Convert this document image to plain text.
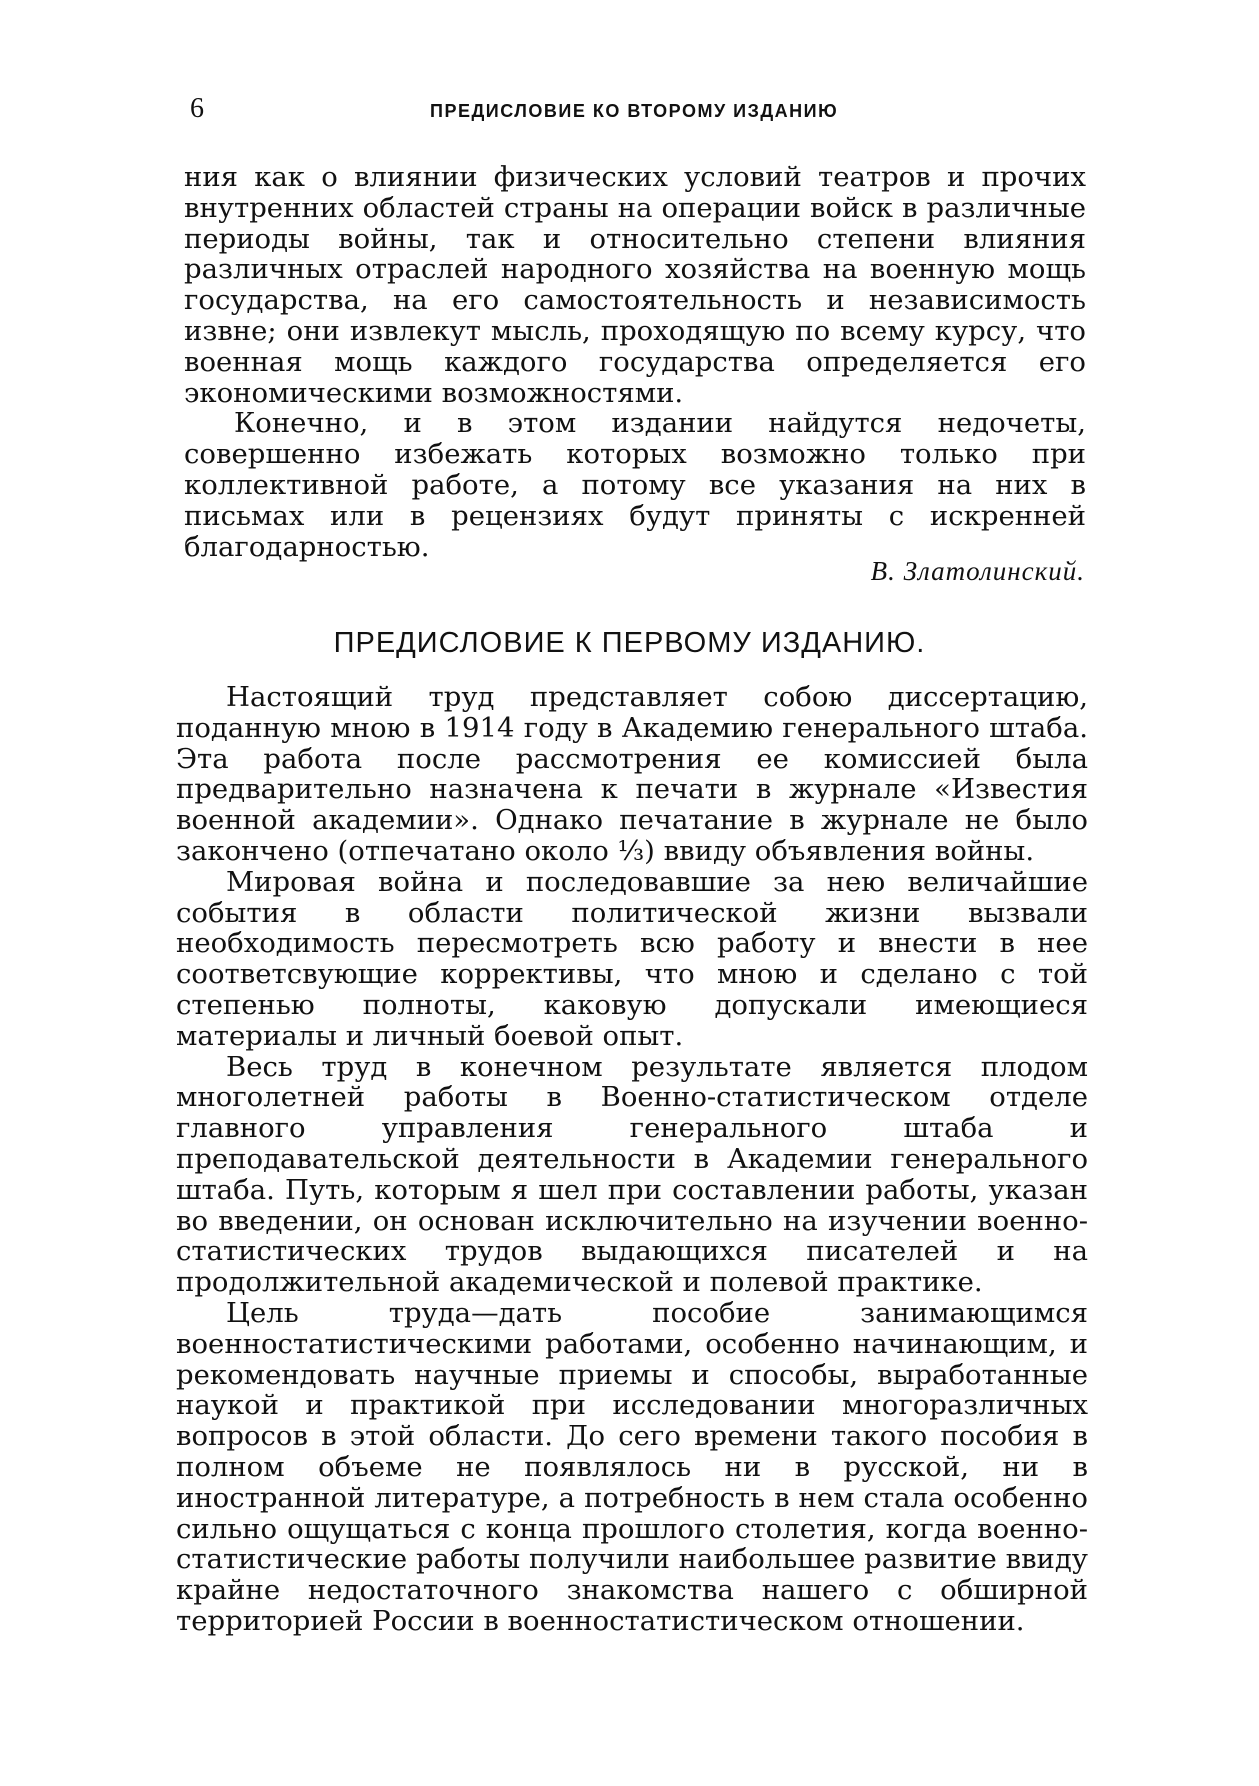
6	ПРЕДИСЛОВИЕ КО ВТОРОМУ ИЗДАНИЮ

ния как о влиянии физических условий театров и прочих внутренних областей страны на операции войск в различные периоды войны, так и относительно степени влияния различных отраслей народного хозяйства на военную мощь государства, на его самостоятельность и независимость извне; они извлекут мысль, проходящую по всему курсу, что военная мощь каждого государства определяется его экономическими возможностями.

Конечно, и в этом издании найдутся недочеты, совершенно избежать которых возможно только при коллективной работе, а потому все указания на них в письмах или в рецензиях будут приняты с искренней благодарностью.

В. Златолинский.
ПРЕДИСЛОВИЕ К ПЕРВОМУ ИЗДАНИЮ.

Настоящий труд представляет собою диссертацию, поданную мною в 1914 году в Академию генерального штаба. Эта работа после рассмотрения ее комиссией была предварительно назначена к печати в журнале «Известия военной академии». Однако печатание в журнале не было закончено (отпечатано около ⅓) ввиду объявления войны.

Мировая война и последовавшие за нею величайшие события в области политической жизни вызвали необходимость пересмотреть всю работу и внести в нее соответсвующие коррективы, что мною и сделано с той степенью полноты, каковую допускали имеющиеся материалы и личный боевой опыт.

Весь труд в конечном результате является плодом многолетней работы в Военно-статистическом отделе главного управления генерального штаба и преподавательской деятельности в Академии генерального штаба. Путь, которым я шел при составлении работы, указан во введении, он основан исключительно на изучении военно-статистических трудов выдающихся писателей и на продолжительной академической и полевой практике.

Цель труда—дать пособие занимающимся военностатистическими работами, особенно начинающим, и рекомендовать научные приемы и способы, выработанные наукой и практикой при исследовании многоразличных вопросов в этой области. До сего времени такого пособия в полном объеме не появлялось ни в русской, ни в иностранной литературе, а потребность в нем стала особенно сильно ощущаться с конца прошлого столетия, когда военно-статистические работы получили наибольшее развитие ввиду крайне недостаточного знакомства нашего с обширной территорией России в военностатистическом отношении.
